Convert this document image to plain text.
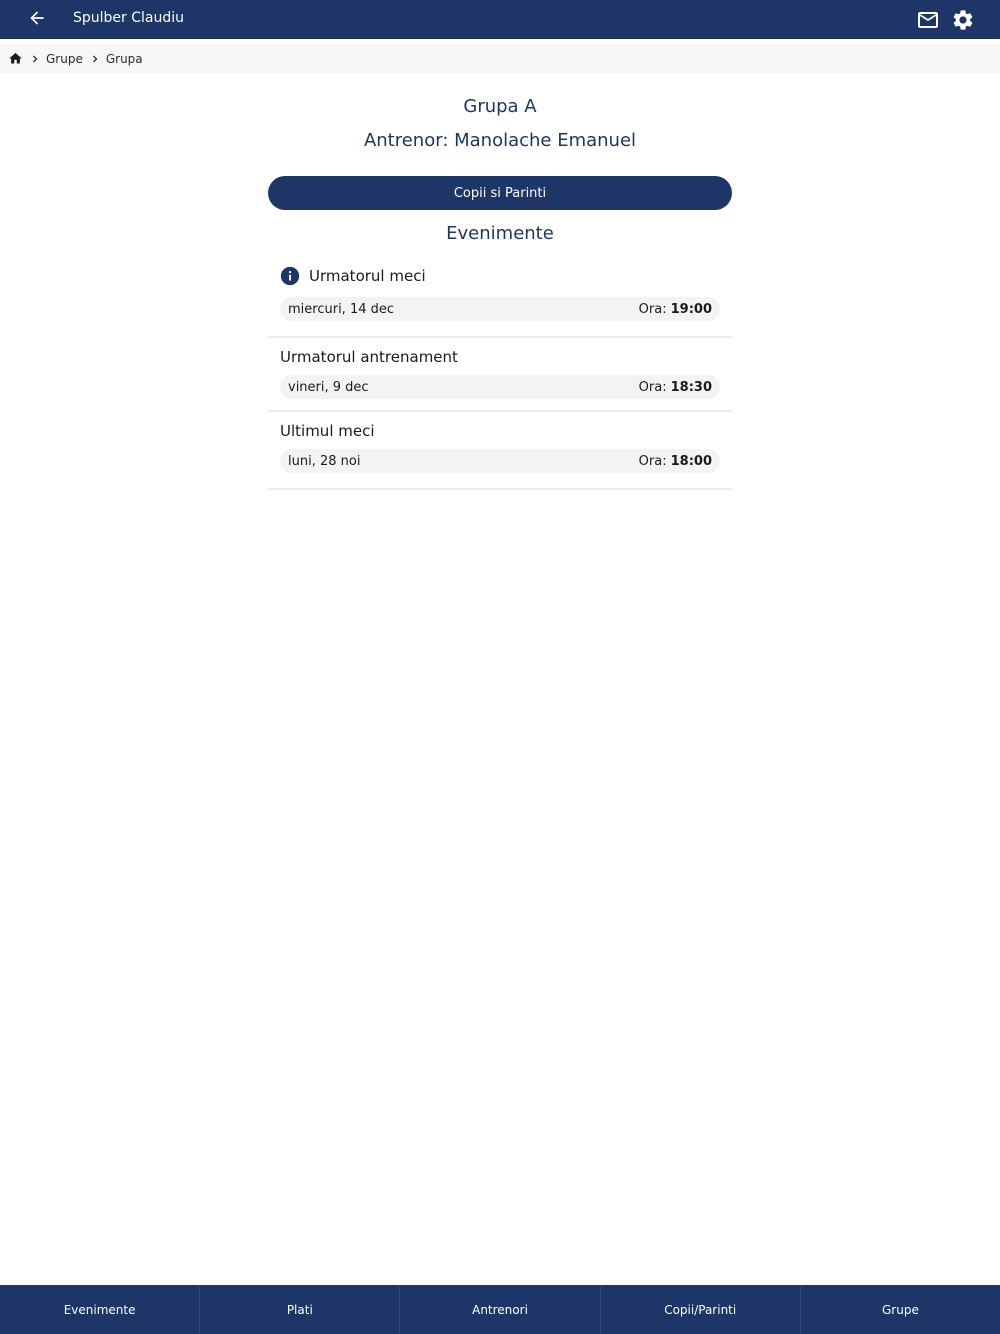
Spulber Claudiu
Grupe Grupa
Grupa A
Antrenor: Manolache Emanuel
Copii si Parinti
Evenimente
Urmatorul meci
miercuri, 14 dec	Ora: 19:00
Urmatorul antrenament
vineri, 9 dec	Ora: 18:30
Ultimul meci
luni, 28 noi	Ora: 18:00
Evenimente	Plati	Antrenori	Copii/Parinti	Grupe
